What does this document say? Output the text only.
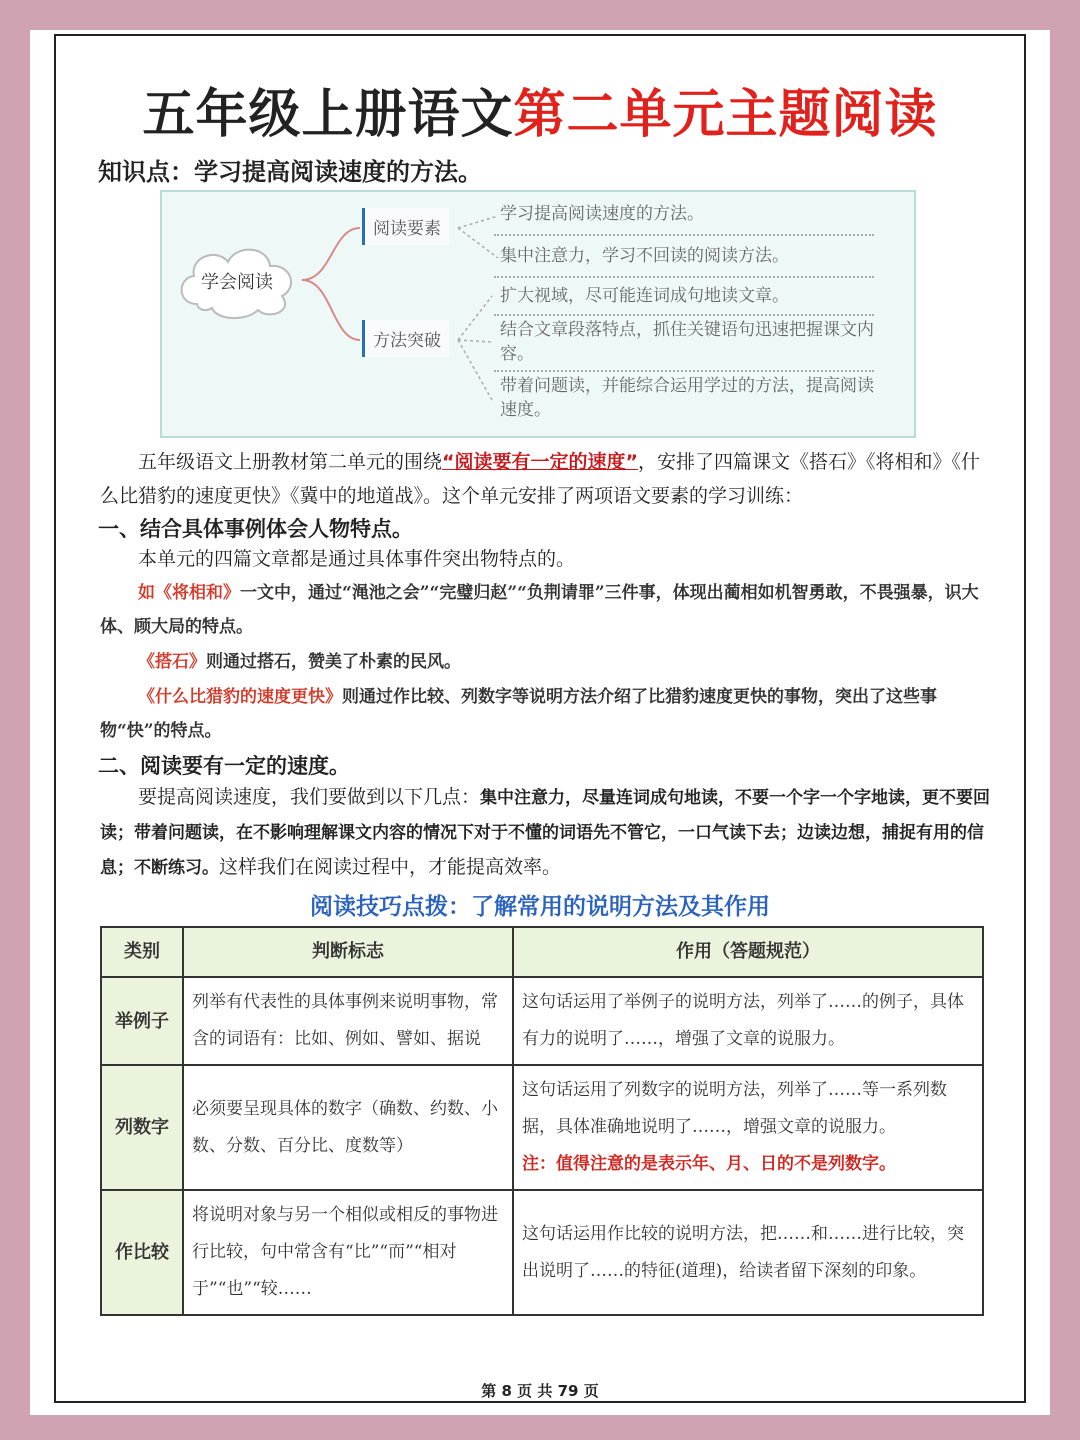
五年级上册语文第二单元主题阅读
知识点：学习提高阅读速度的方法。
学会阅读
阅读要素
方法突破
学习提高阅读速度的方法。
集中注意力，学习不回读的阅读方法。
扩大视域，尽可能连词成句地读文章。
结合文章段落特点，抓住关键语句迅速把握课文内容。
带着问题读，并能综合运用学过的方法，提高阅读速度。
五年级语文上册教材第二单元的围绕“阅读要有一定的速度”，安排了四篇课文《搭石》《将相和》《什么比猎豹的速度更快》《冀中的地道战》。这个单元安排了两项语文要素的学习训练：
一、结合具体事例体会人物特点。
本单元的四篇文章都是通过具体事件突出物特点的。
如《将相和》一文中，通过“渑池之会”“完璧归赵”“负荆请罪”三件事，体现出蔺相如机智勇敢，不畏强暴，识大体、顾大局的特点。
《搭石》则通过搭石，赞美了朴素的民风。
《什么比猎豹的速度更快》则通过作比较、列数字等说明方法介绍了比猎豹速度更快的事物，突出了这些事物“快”的特点。
二、阅读要有一定的速度。
要提高阅读速度，我们要做到以下几点：集中注意力，尽量连词成句地读，不要一个字一个字地读，更不要回读；带着问题读，在不影响理解课文内容的情况下对于不懂的词语先不管它，一口气读下去；边读边想，捕捉有用的信息；不断练习。这样我们在阅读过程中，才能提高效率。
阅读技巧点拨：了解常用的说明方法及其作用
类别	判断标志	作用（答题规范）
举例子	列举有代表性的具体事例来说明事物，常含的词语有：比如、例如、譬如、据说	这句话运用了举例子的说明方法，列举了……的例子，具体有力的说明了……，增强了文章的说服力。
列数字	必须要呈现具体的数字（确数、约数、小数、分数、百分比、度数等）	这句话运用了列数字的说明方法，列举了……等一系列数据，具体准确地说明了……，增强文章的说服力。
注：值得注意的是表示年、月、日的不是列数字。

作比较	将说明对象与另一个相似或相反的事物进行比较，句中常含有“比”“而”“相对于”“也”“较……	这句话运用作比较的说明方法，把……和……进行比较，突出说明了……的特征(道理)，给读者留下深刻的印象。
第 8 页 共 79 页
